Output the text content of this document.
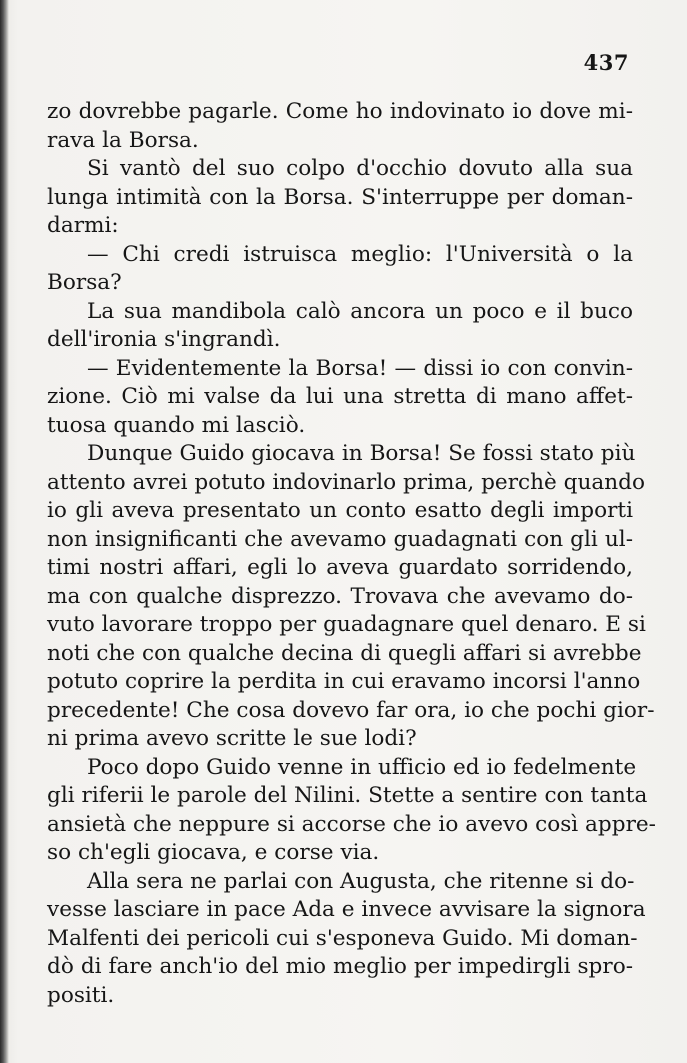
437
zo dovrebbe pagarle. Come ho indovinato io dove mi-
rava la Borsa.
Si vantò del suo colpo d'occhio dovuto alla sua
lunga intimità con la Borsa. S'interruppe per doman-
darmi:
— Chi credi istruisca meglio: l'Università o la
Borsa?
La sua mandibola calò ancora un poco e il buco
dell'ironia s'ingrandì.
— Evidentemente la Borsa! — dissi io con convin-
zione. Ciò mi valse da lui una stretta di mano affet-
tuosa quando mi lasciò.
Dunque Guido giocava in Borsa! Se fossi stato più
attento avrei potuto indovinarlo prima, perchè quando
io gli aveva presentato un conto esatto degli importi
non insignificanti che avevamo guadagnati con gli ul-
timi nostri affari, egli lo aveva guardato sorridendo,
ma con qualche disprezzo. Trovava che avevamo do-
vuto lavorare troppo per guadagnare quel denaro. E si
noti che con qualche decina di quegli affari si avrebbe
potuto coprire la perdita in cui eravamo incorsi l'anno
precedente! Che cosa dovevo far ora, io che pochi gior-
ni prima avevo scritte le sue lodi?
Poco dopo Guido venne in ufficio ed io fedelmente
gli riferii le parole del Nilini. Stette a sentire con tanta
ansietà che neppure si accorse che io avevo così appre-
so ch'egli giocava, e corse via.
Alla sera ne parlai con Augusta, che ritenne si do-
vesse lasciare in pace Ada e invece avvisare la signora
Malfenti dei pericoli cui s'esponeva Guido. Mi doman-
dò di fare anch'io del mio meglio per impedirgli spro-
positi.
